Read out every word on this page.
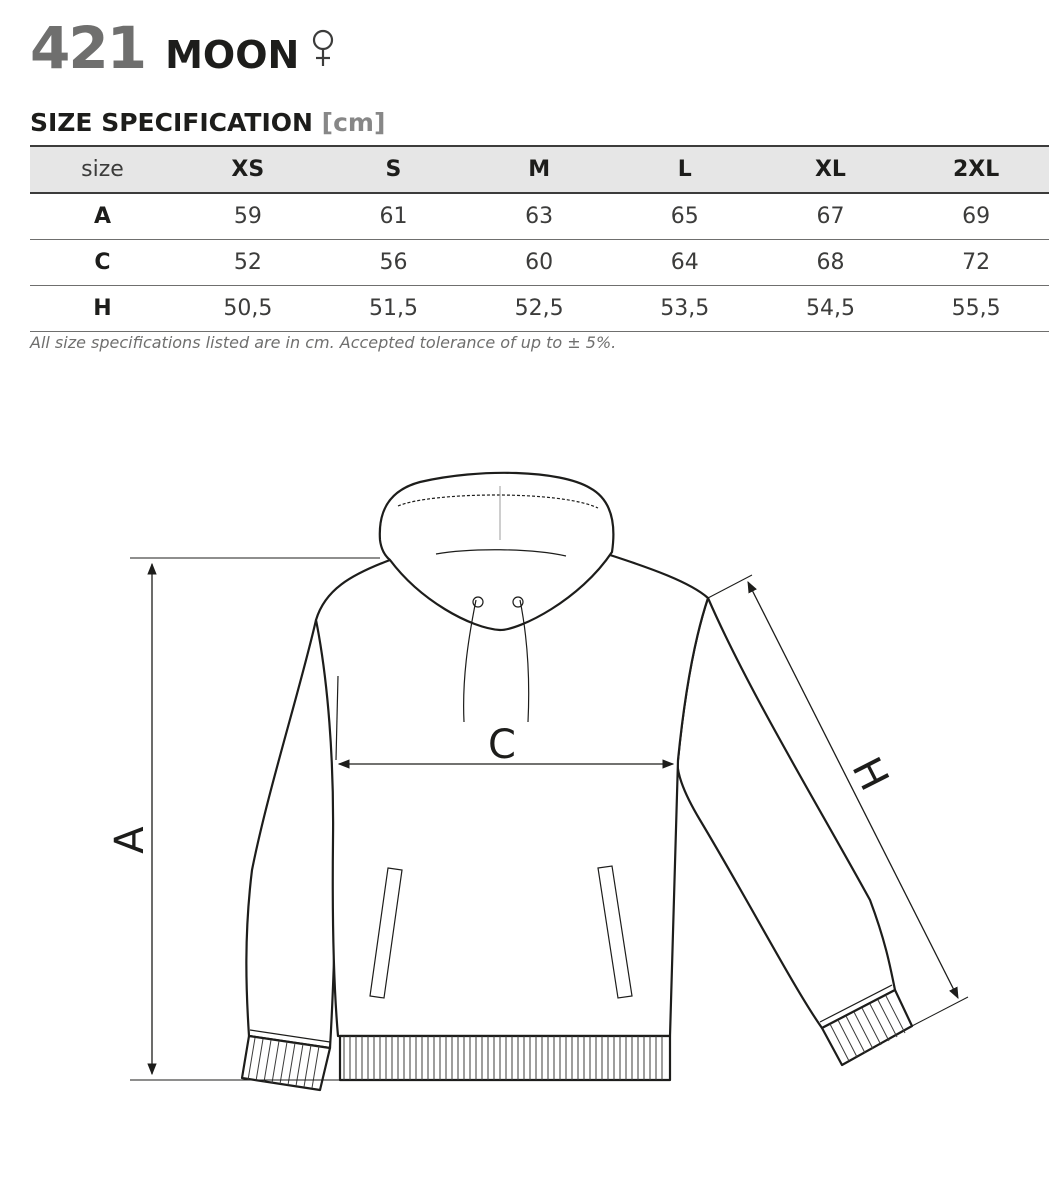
421 MOON
SIZE SPECIFICATION [cm]
size	XS	S	M	L	XL	2XL
A	59	61	63	65	67	69
C	52	56	60	64	68	72
H	50,5	51,5	52,5	53,5	54,5	55,5
All size specifications listed are in cm. Accepted tolerance of up to ± 5%.
A
C
H
